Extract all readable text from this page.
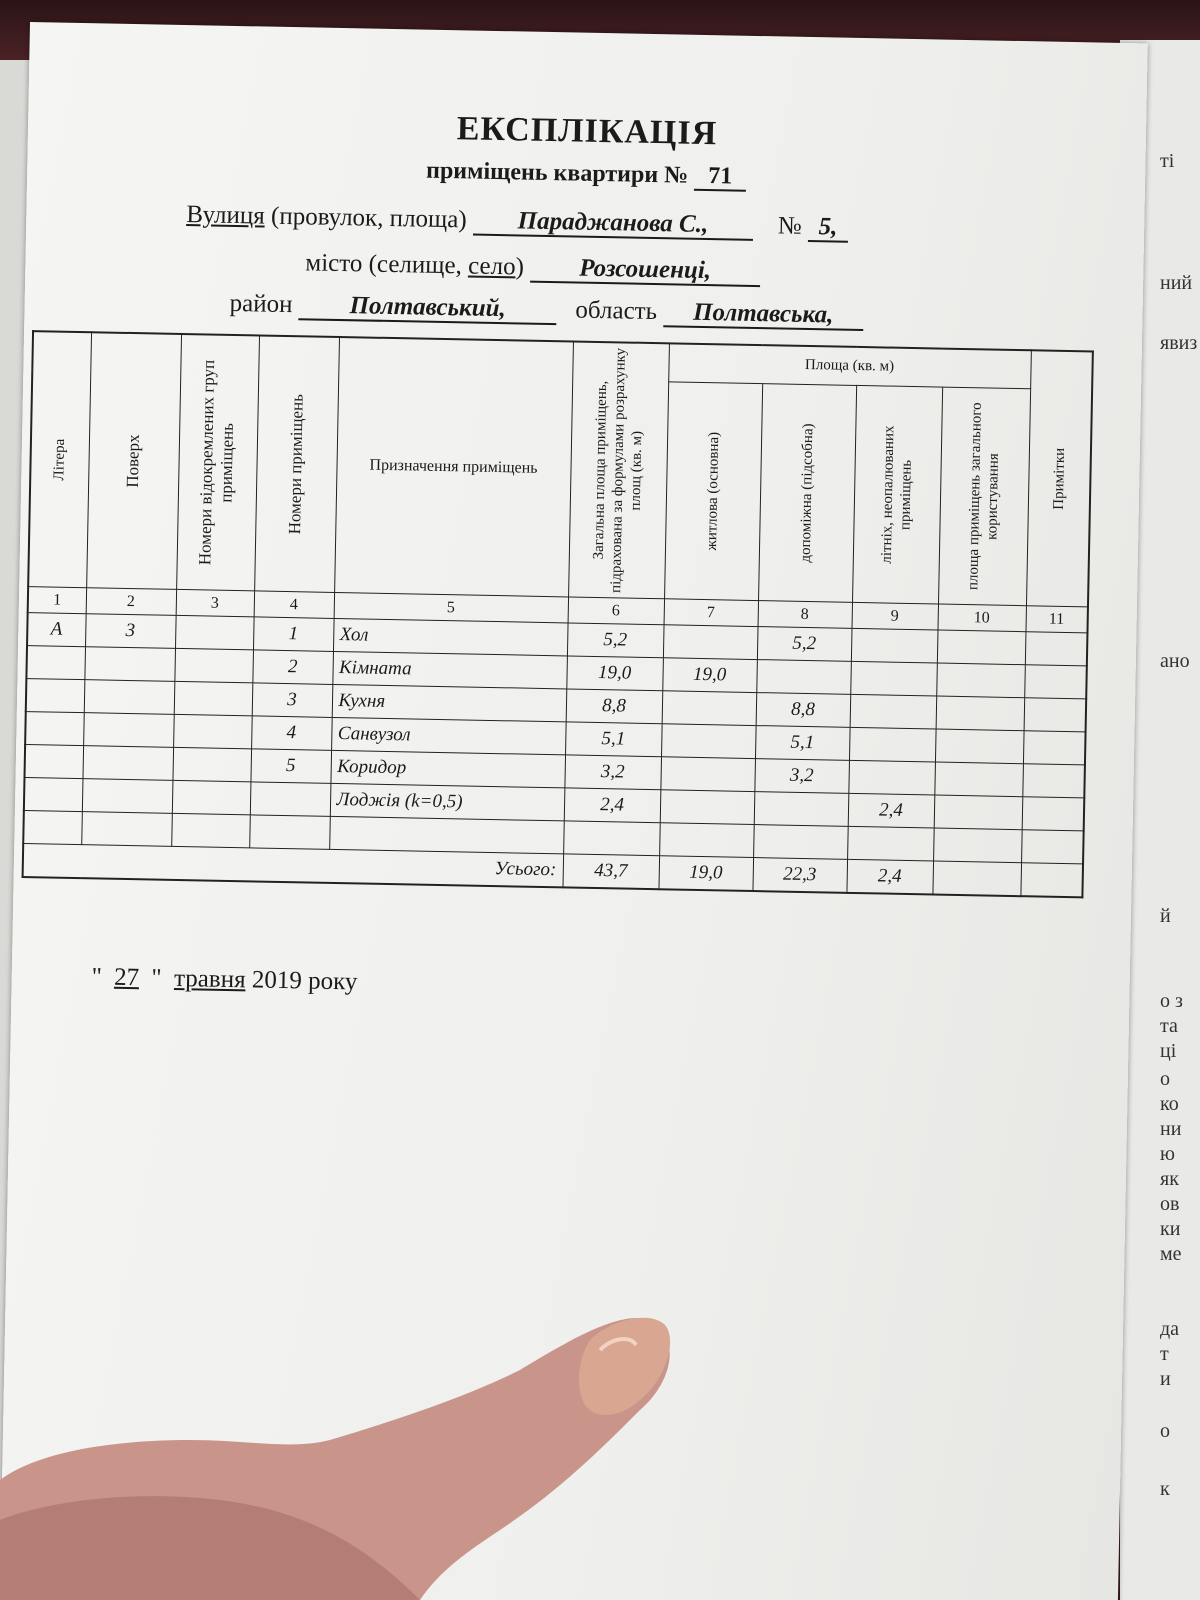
ті
ний
явиз
ано
й
о з
та
ці
о
ко
ни
ю
як
ов
ки
ме
да
т
и
о
к
ЕКСПЛІКАЦІЯ
приміщень квартири № 71
Вулиця (провулок, площа) Параджанова С.,	№ 5,
місто (селище, село) Розсошенці,
район Полтавський,	область Полтавська,
Літера	Поверх	Номери відокремлених груп приміщень	Номери приміщень	Призначення приміщень	Загальна площа приміщень, підрахована за формулами розрахунку площ (кв. м)	Площа (кв. м)				Примітки

						житлова (основна)	допоміжна (підсобна)	літніх, неопалюваних приміщень	площа приміщень загального користування	

1	2	3	4	5	6	7	8	9	10	11
А	3		1	Хол	5,2		5,2			
			2	Кімната	19,0	19,0				
			3	Кухня	8,8		8,8			
			4	Санвузол	5,1		5,1			
			5	Коридор	3,2		3,2			
				Лоджія (k=0,5)	2,4			2,4		

Усього:					43,7	19,0	22,3	2,4		
" 27 " травня 2019 року
